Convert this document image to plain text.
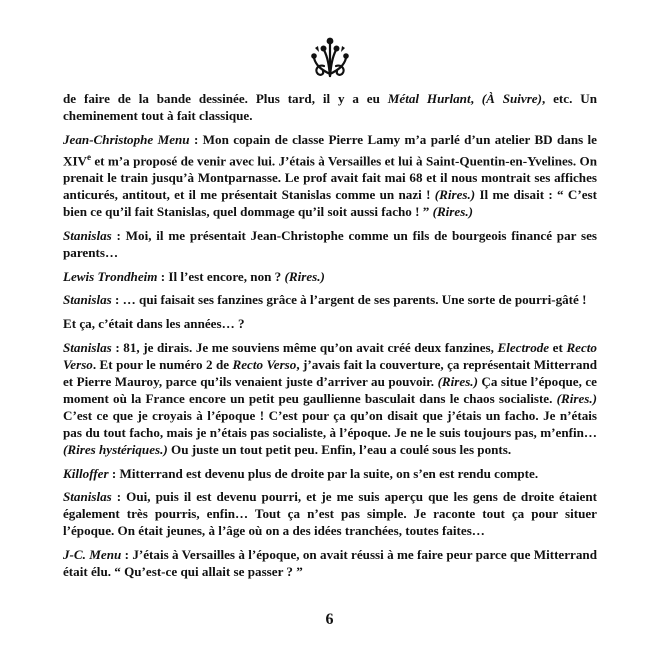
de faire de la bande dessinée. Plus tard, il y a eu Métal Hurlant, (À Suivre), etc. Un cheminement tout à fait classique.

Jean-Christophe Menu : Mon copain de classe Pierre Lamy m’a parlé d’un atelier BD dans le XIVe et m’a proposé de venir avec lui. J’étais à Versailles et lui à Saint-Quentin-en-Yvelines. On prenait le train jusqu’à Montparnasse. Le prof avait fait mai 68 et il nous montrait ses affiches anticurés, antitout, et il me présentait Stanislas comme un nazi ! (Rires.) Il me disait : “ C’est bien ce qu’il fait Stanislas, quel dommage qu’il soit aussi facho ! ” (Rires.)

Stanislas : Moi, il me présentait Jean-Christophe comme un fils de bourgeois financé par ses parents…

Lewis Trondheim : Il l’est encore, non ? (Rires.)

Stanislas : … qui faisait ses fanzines grâce à l’argent de ses parents. Une sorte de pourri-gâté !

Et ça, c’était dans les années… ?

Stanislas : 81, je dirais. Je me souviens même qu’on avait créé deux fanzines, Electrode et Recto Verso. Et pour le numéro 2 de Recto Verso, j’avais fait la couverture, ça représentait Mitterrand et Pierre Mauroy, parce qu’ils venaient juste d’arriver au pouvoir. (Rires.) Ça situe l’époque, ce moment où la France encore un petit peu gaullienne basculait dans le chaos socialiste. (Rires.) C’est ce que je croyais à l’époque ! C’est pour ça qu’on disait que j’étais un facho. Je n’étais pas du tout facho, mais je n’étais pas socialiste, à l’époque. Je ne le suis toujours pas, m’enfin… (Rires hystériques.) Ou juste un tout petit peu. Enfin, l’eau a coulé sous les ponts.

Killoffer : Mitterrand est devenu plus de droite par la suite, on s’en est rendu compte.

Stanislas : Oui, puis il est devenu pourri, et je me suis aperçu que les gens de droite étaient également très pourris, enfin… Tout ça n’est pas simple. Je raconte tout ça pour situer l’époque. On était jeunes, à l’âge où on a des idées tranchées, toutes faites…

J-C. Menu : J’étais à Versailles à l’époque, on avait réussi à me faire peur parce que Mitterrand était élu. “ Qu’est-ce qui allait se passer ? ”

6
